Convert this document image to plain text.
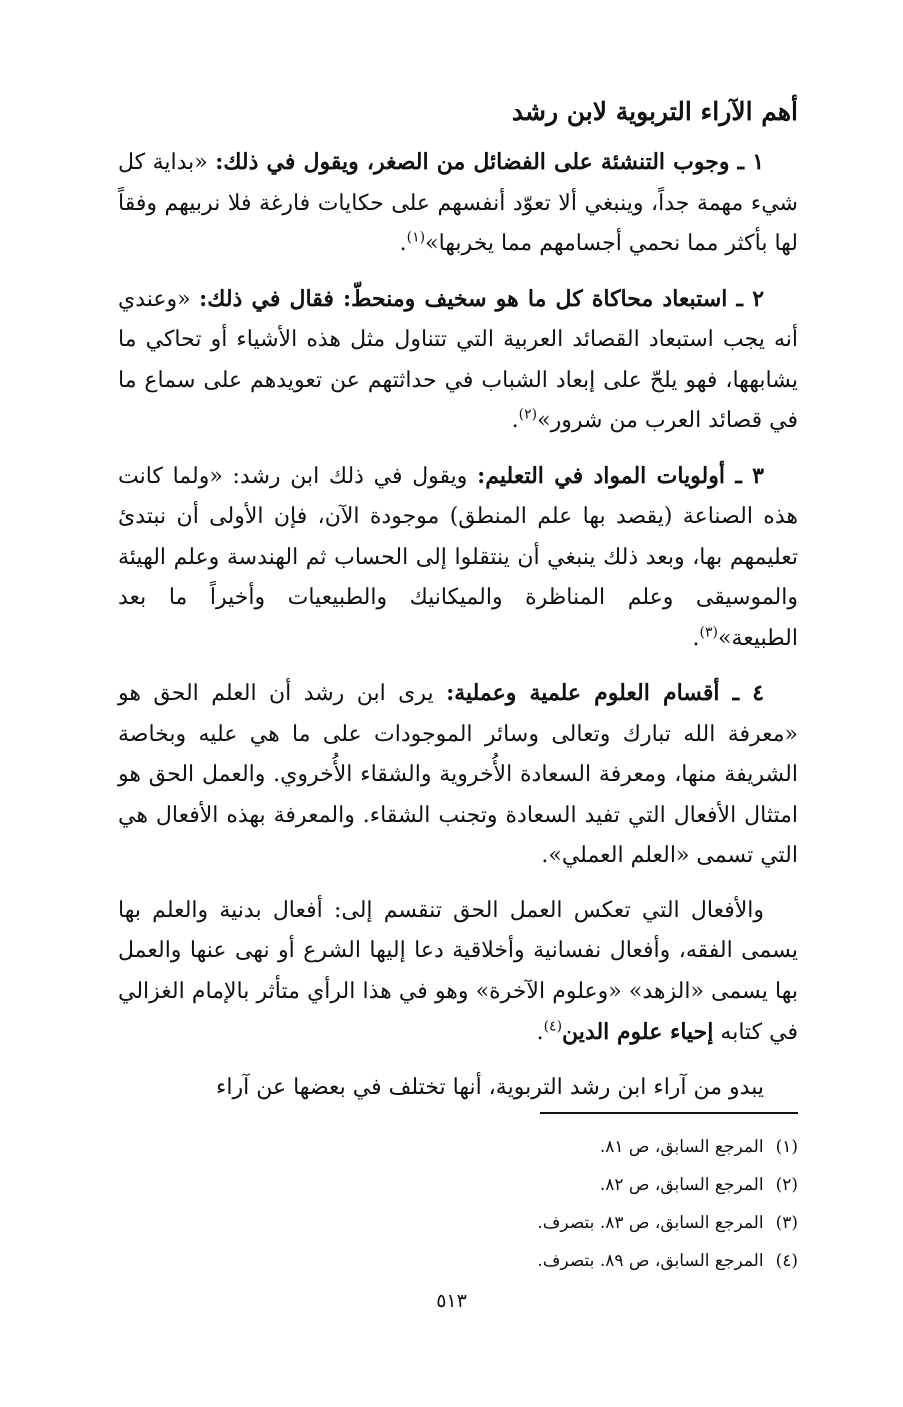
أهم الآراء التربوية لابن رشد

١ ـ وجوب التنشئة على الفضائل من الصغر، ويقول في ذلك: «بداية كل شيء مهمة جداً، وينبغي ألا تعوّد أنفسهم على حكايات فارغة فلا نربيهم وفقاً لها بأكثر مما نحمي أجسامهم مما يخربها»$^{(١)}$.

٢ ـ استبعاد محاكاة كل ما هو سخيف ومنحطّ: فقال في ذلك: «وعندي أنه يجب استبعاد القصائد العربية التي تتناول مثل هذه الأشياء أو تحاكي ما يشابهها، فهو يلحّ على إبعاد الشباب في حداثتهم عن تعويدهم على سماع ما في قصائد العرب من شرور»$^{(٢)}$.

٣ ـ أولويات المواد في التعليم: ويقول في ذلك ابن رشد: «ولما كانت هذه الصناعة (يقصد بها علم المنطق) موجودة الآن، فإن الأولى أن نبتدئ تعليمهم بها، وبعد ذلك ينبغي أن ينتقلوا إلى الحساب ثم الهندسة وعلم الهيئة والموسيقى وعلم المناظرة والميكانيك والطبيعيات وأخيراً ما بعد الطبيعة»$^{(٣)}$.

٤ ـ أقسام العلوم علمية وعملية: يرى ابن رشد أن العلم الحق هو «معرفة الله تبارك وتعالى وسائر الموجودات على ما هي عليه وبخاصة الشريفة منها، ومعرفة السعادة الأُخروية والشقاء الأُخروي. والعمل الحق هو امتثال الأفعال التي تفيد السعادة وتجنب الشقاء. والمعرفة بهذه الأفعال هي التي تسمى «العلم العملي».

والأفعال التي تعكس العمل الحق تنقسم إلى: أفعال بدنية والعلم بها يسمى الفقه، وأفعال نفسانية وأخلاقية دعا إليها الشرع أو نهى عنها والعمل بها يسمى «الزهد» «وعلوم الآخرة» وهو في هذا الرأي متأثر بالإمام الغزالي في كتابه إحياء علوم الدين$^{(٤)}$.

يبدو من آراء ابن رشد التربوية، أنها تختلف في بعضها عن آراء

(١)المرجع السابق، ص ٨١.
(٢)المرجع السابق، ص ٨٢.
(٣)المرجع السابق، ص ٨٣. بتصرف.
(٤)المرجع السابق، ص ٨٩. بتصرف.
٥١٣
